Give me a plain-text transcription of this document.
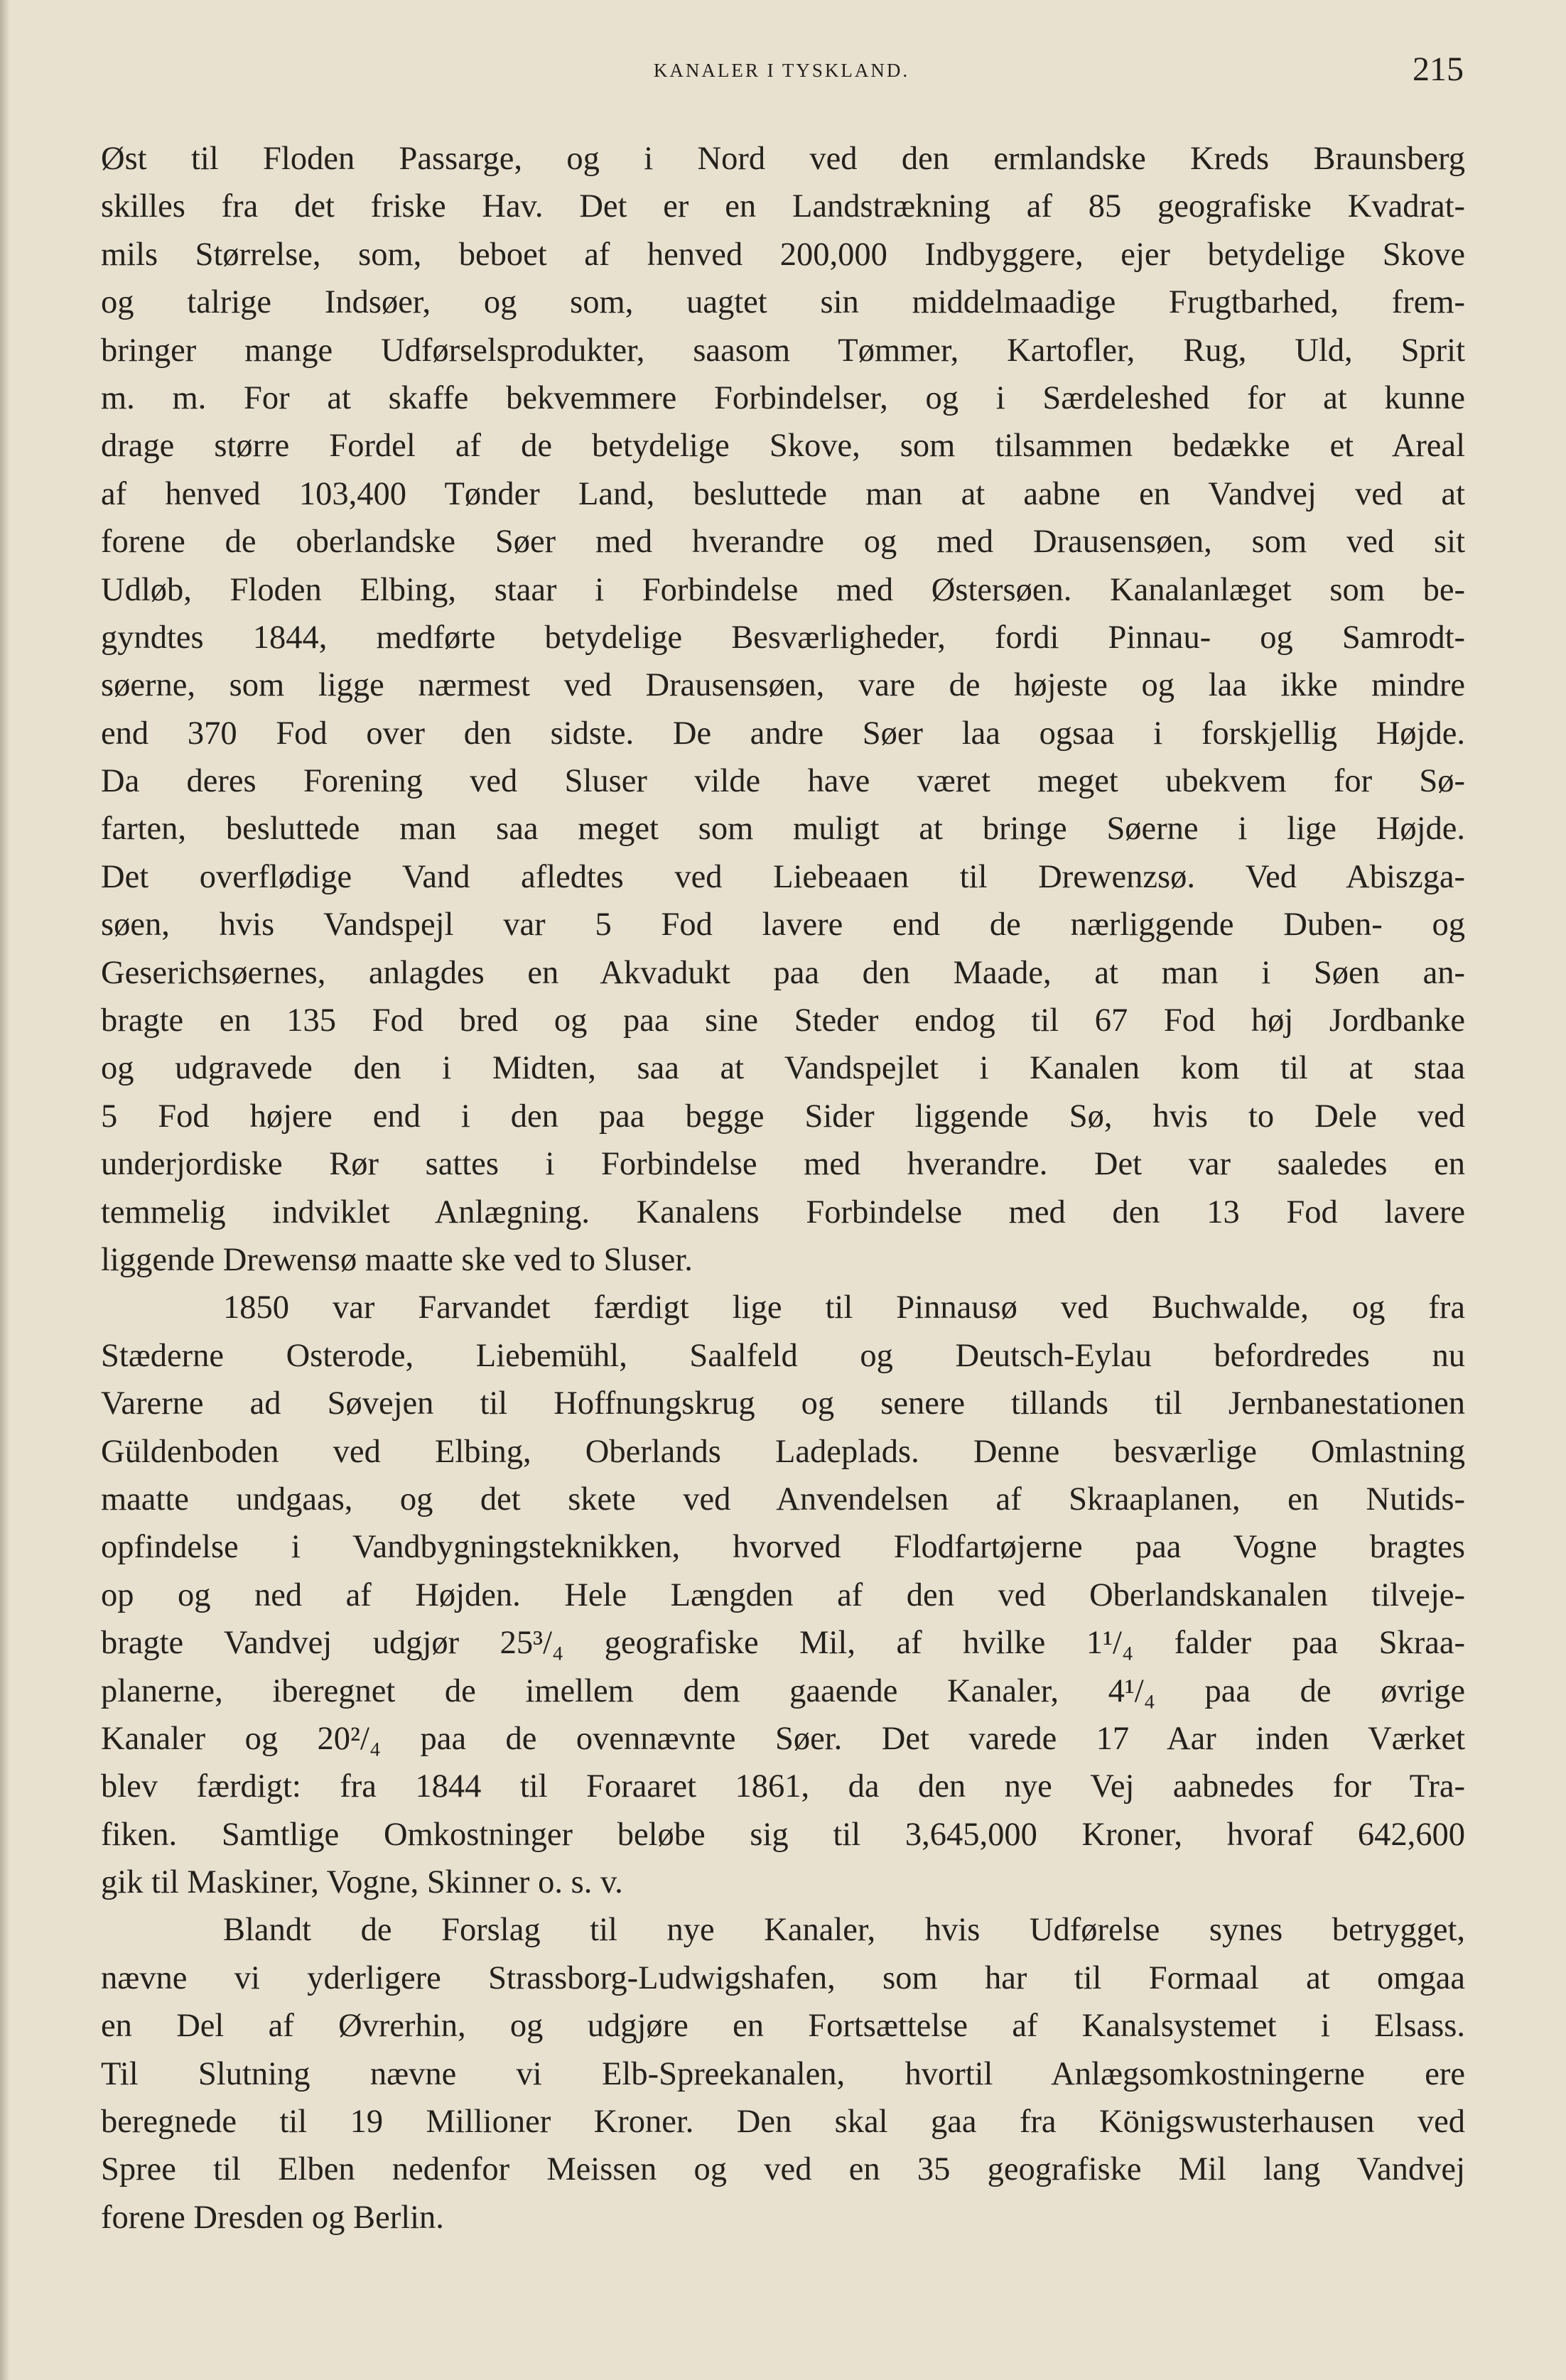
KANALER I TYSKLAND.	215
Øst til Floden Passarge, og i Nord ved den ermlandske Kreds Braunsberg
skilles fra det friske Hav. Det er en Landstrækning af 85 geografiske Kvadrat-
mils Størrelse, som, beboet af henved 200,000 Indbyggere, ejer betydelige Skove
og talrige Indsøer, og som, uagtet sin middelmaadige Frugtbarhed, frem-
bringer mange Udførselsprodukter, saasom Tømmer, Kartofler, Rug, Uld, Sprit
m. m. For at skaffe bekvemmere Forbindelser, og i Særdeleshed for at kunne
drage større Fordel af de betydelige Skove, som tilsammen bedække et Areal
af henved 103,400 Tønder Land, besluttede man at aabne en Vandvej ved at
forene de oberlandske Søer med hverandre og med Drausensøen, som ved sit
Udløb, Floden Elbing, staar i Forbindelse med Østersøen. Kanalanlæget som be-
gyndtes 1844, medførte betydelige Besværligheder, fordi Pinnau- og Samrodt-
søerne, som ligge nærmest ved Drausensøen, vare de højeste og laa ikke mindre
end 370 Fod over den sidste. De andre Søer laa ogsaa i forskjellig Højde.
Da deres Forening ved Sluser vilde have været meget ubekvem for Sø-
farten, besluttede man saa meget som muligt at bringe Søerne i lige Højde.
Det overflødige Vand afledtes ved Liebeaaen til Drewenzsø. Ved Abiszga-
søen, hvis Vandspejl var 5 Fod lavere end de nærliggende Duben- og
Geserichsøernes, anlagdes en Akvadukt paa den Maade, at man i Søen an-
bragte en 135 Fod bred og paa sine Steder endog til 67 Fod høj Jordbanke
og udgravede den i Midten, saa at Vandspejlet i Kanalen kom til at staa
5 Fod højere end i den paa begge Sider liggende Sø, hvis to Dele ved
underjordiske Rør sattes i Forbindelse med hverandre. Det var saaledes en
temmelig indviklet Anlægning. Kanalens Forbindelse med den 13 Fod lavere
liggende Drewensø maatte ske ved to Sluser.
1850 var Farvandet færdigt lige til Pinnausø ved Buchwalde, og fra
Stæderne Osterode, Liebemühl, Saalfeld og Deutsch-Eylau befordredes nu
Varerne ad Søvejen til Hoffnungskrug og senere tillands til Jernbanestationen
Güldenboden ved Elbing, Oberlands Ladeplads. Denne besværlige Omlastning
maatte undgaas, og det skete ved Anvendelsen af Skraaplanen, en Nutids-
opfindelse i Vandbygningsteknikken, hvorved Flodfartøjerne paa Vogne bragtes
op og ned af Højden. Hele Længden af den ved Oberlandskanalen tilveje-
bragte Vandvej udgjør 25³/₄ geografiske Mil, af hvilke 1¹/₄ falder paa Skraa-
planerne, iberegnet de imellem dem gaaende Kanaler, 4¹/₄ paa de øvrige
Kanaler og 20²/₄ paa de ovennævnte Søer. Det varede 17 Aar inden Værket
blev færdigt: fra 1844 til Foraaret 1861, da den nye Vej aabnedes for Tra-
fiken. Samtlige Omkostninger beløbe sig til 3,645,000 Kroner, hvoraf 642,600
gik til Maskiner, Vogne, Skinner o. s. v.
Blandt de Forslag til nye Kanaler, hvis Udførelse synes betrygget,
nævne vi yderligere Strassborg-Ludwigshafen, som har til Formaal at omgaa
en Del af Øvrerhin, og udgjøre en Fortsættelse af Kanalsystemet i Elsass.
Til Slutning nævne vi Elb-Spreekanalen, hvortil Anlægsomkostningerne ere
beregnede til 19 Millioner Kroner. Den skal gaa fra Königswusterhausen ved
Spree til Elben nedenfor Meissen og ved en 35 geografiske Mil lang Vandvej
forene Dresden og Berlin.
